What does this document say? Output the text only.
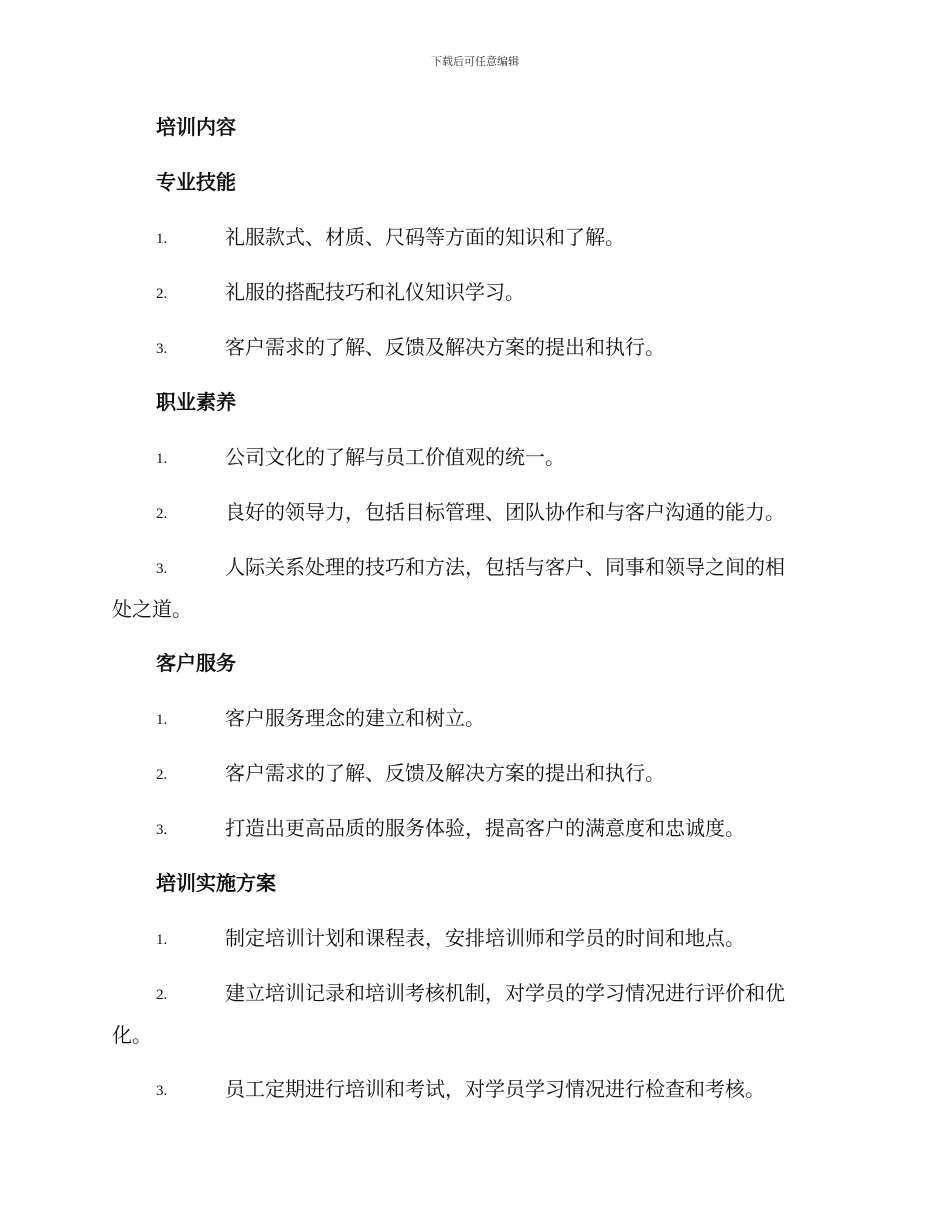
下载后可任意编辑
培训内容
专业技能
1.	礼服款式、材质、尺码等方面的知识和了解。
2.	礼服的搭配技巧和礼仪知识学习。
3.	客户需求的了解、反馈及解决方案的提出和执行。
职业素养
1.	公司文化的了解与员工价值观的统一。
2.	良好的领导力，包括目标管理、团队协作和与客户沟通的能力。
3.	人际关系处理的技巧和方法，包括与客户、同事和领导之间的相
处之道。
客户服务
1.	客户服务理念的建立和树立。
2.	客户需求的了解、反馈及解决方案的提出和执行。
3.	打造出更高品质的服务体验，提高客户的满意度和忠诚度。
培训实施方案
1.	制定培训计划和课程表，安排培训师和学员的时间和地点。
2.	建立培训记录和培训考核机制，对学员的学习情况进行评价和优
化。
3.	员工定期进行培训和考试，对学员学习情况进行检查和考核。
